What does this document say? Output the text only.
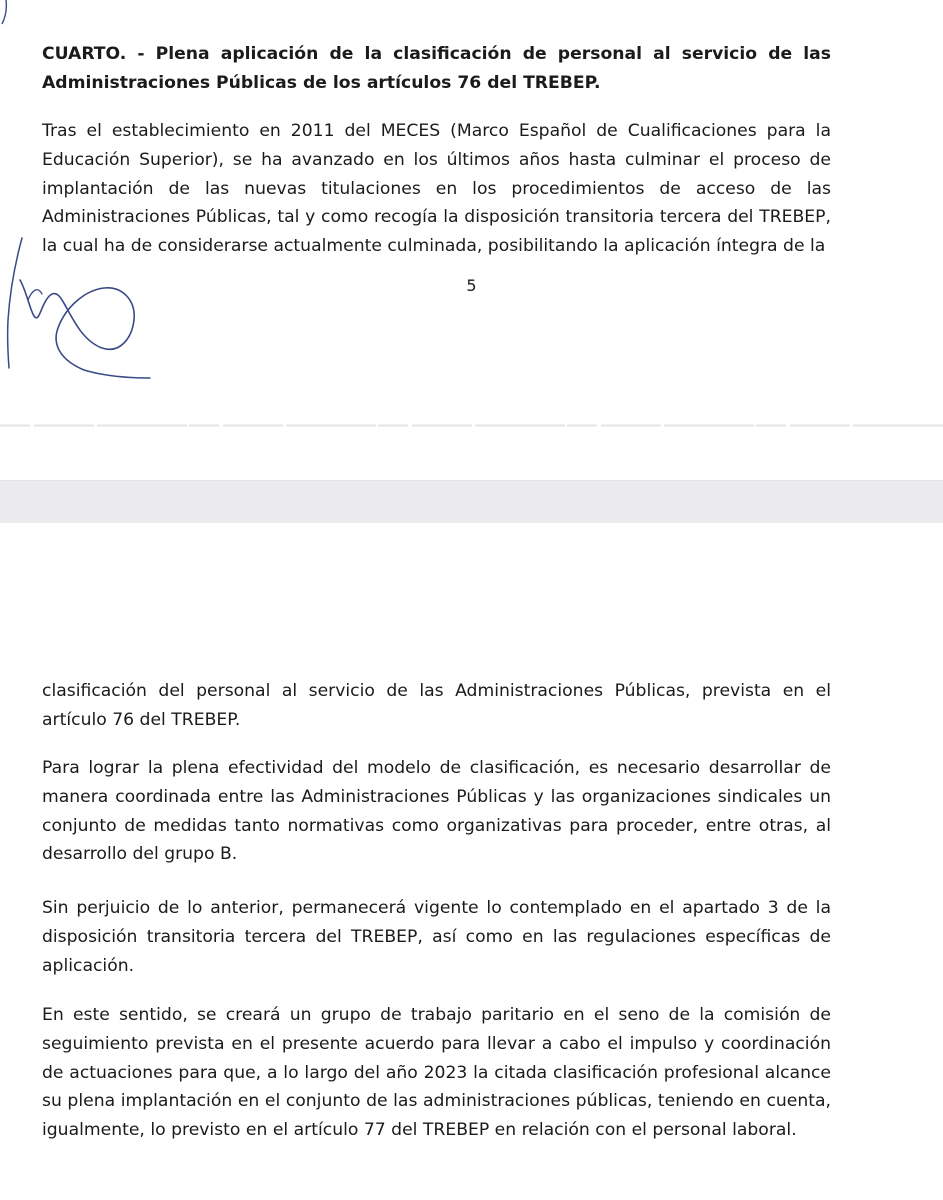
CUARTO. - Plena aplicación de la clasificación de personal al servicio de las Administraciones Públicas de los artículos 76 del TREBEP.

Tras el establecimiento en 2011 del MECES (Marco Español de Cualificaciones para la Educación Superior), se ha avanzado en los últimos años hasta culminar el proceso de implantación de las nuevas titulaciones en los procedimientos de acceso de las Administraciones Públicas, tal y como recogía la disposición transitoria tercera del TREBEP, la cual ha de considerarse actualmente culminada, posibilitando la aplicación íntegra de la

5

clasificación del personal al servicio de las Administraciones Públicas, prevista en el artículo 76 del TREBEP.

Para lograr la plena efectividad del modelo de clasificación, es necesario desarrollar de manera coordinada entre las Administraciones Públicas y las organizaciones sindicales un conjunto de medidas tanto normativas como organizativas para proceder, entre otras, al desarrollo del grupo B.

Sin perjuicio de lo anterior, permanecerá vigente lo contemplado en el apartado 3 de la disposición transitoria tercera del TREBEP, así como en las regulaciones específicas de aplicación.

En este sentido, se creará un grupo de trabajo paritario en el seno de la comisión de seguimiento prevista en el presente acuerdo para llevar a cabo el impulso y coordinación de actuaciones para que, a lo largo del año 2023 la citada clasificación profesional alcance su plena implantación en el conjunto de las administraciones públicas, teniendo en cuenta, igualmente, lo previsto en el artículo 77 del TREBEP en relación con el personal laboral.
